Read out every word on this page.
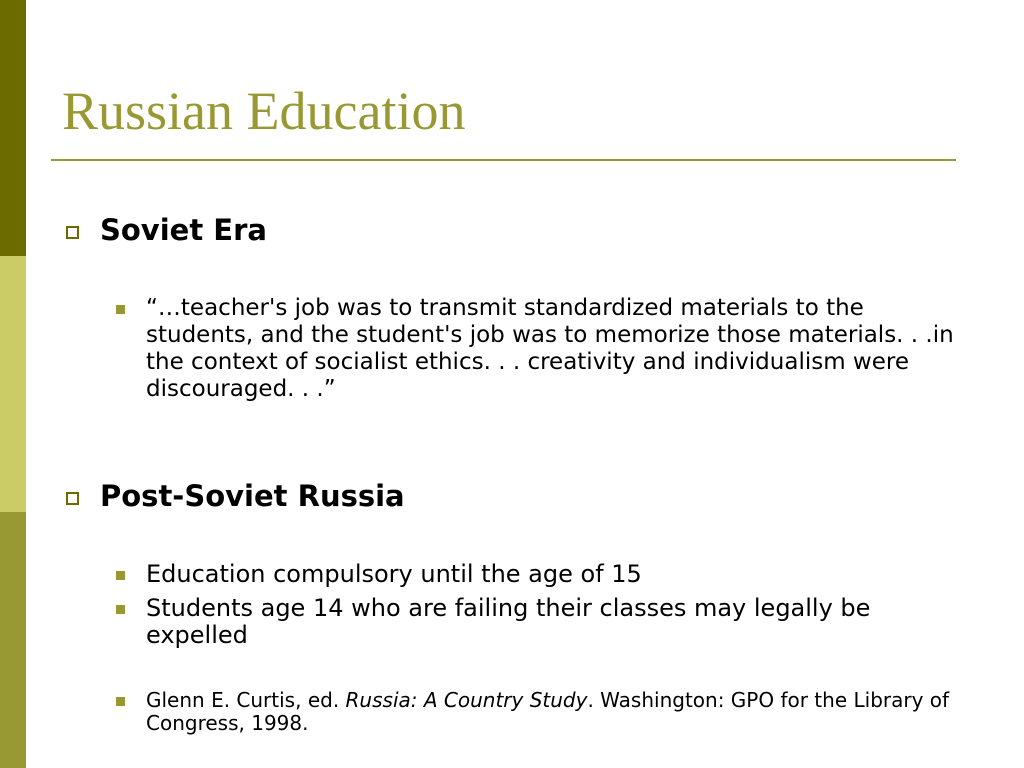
Russian Education
Soviet Era
“…teacher's job was to transmit standardized materials to the students, and the student's job was to memorize those materials. . .in the context of socialist ethics. . . creativity and individualism were discouraged. . .”
Post-Soviet Russia
Education compulsory until the age of 15
Students age 14 who are failing their classes may legally be expelled
Glenn E. Curtis, ed. Russia: A Country Study. Washington: GPO for the Library of Congress, 1998.
